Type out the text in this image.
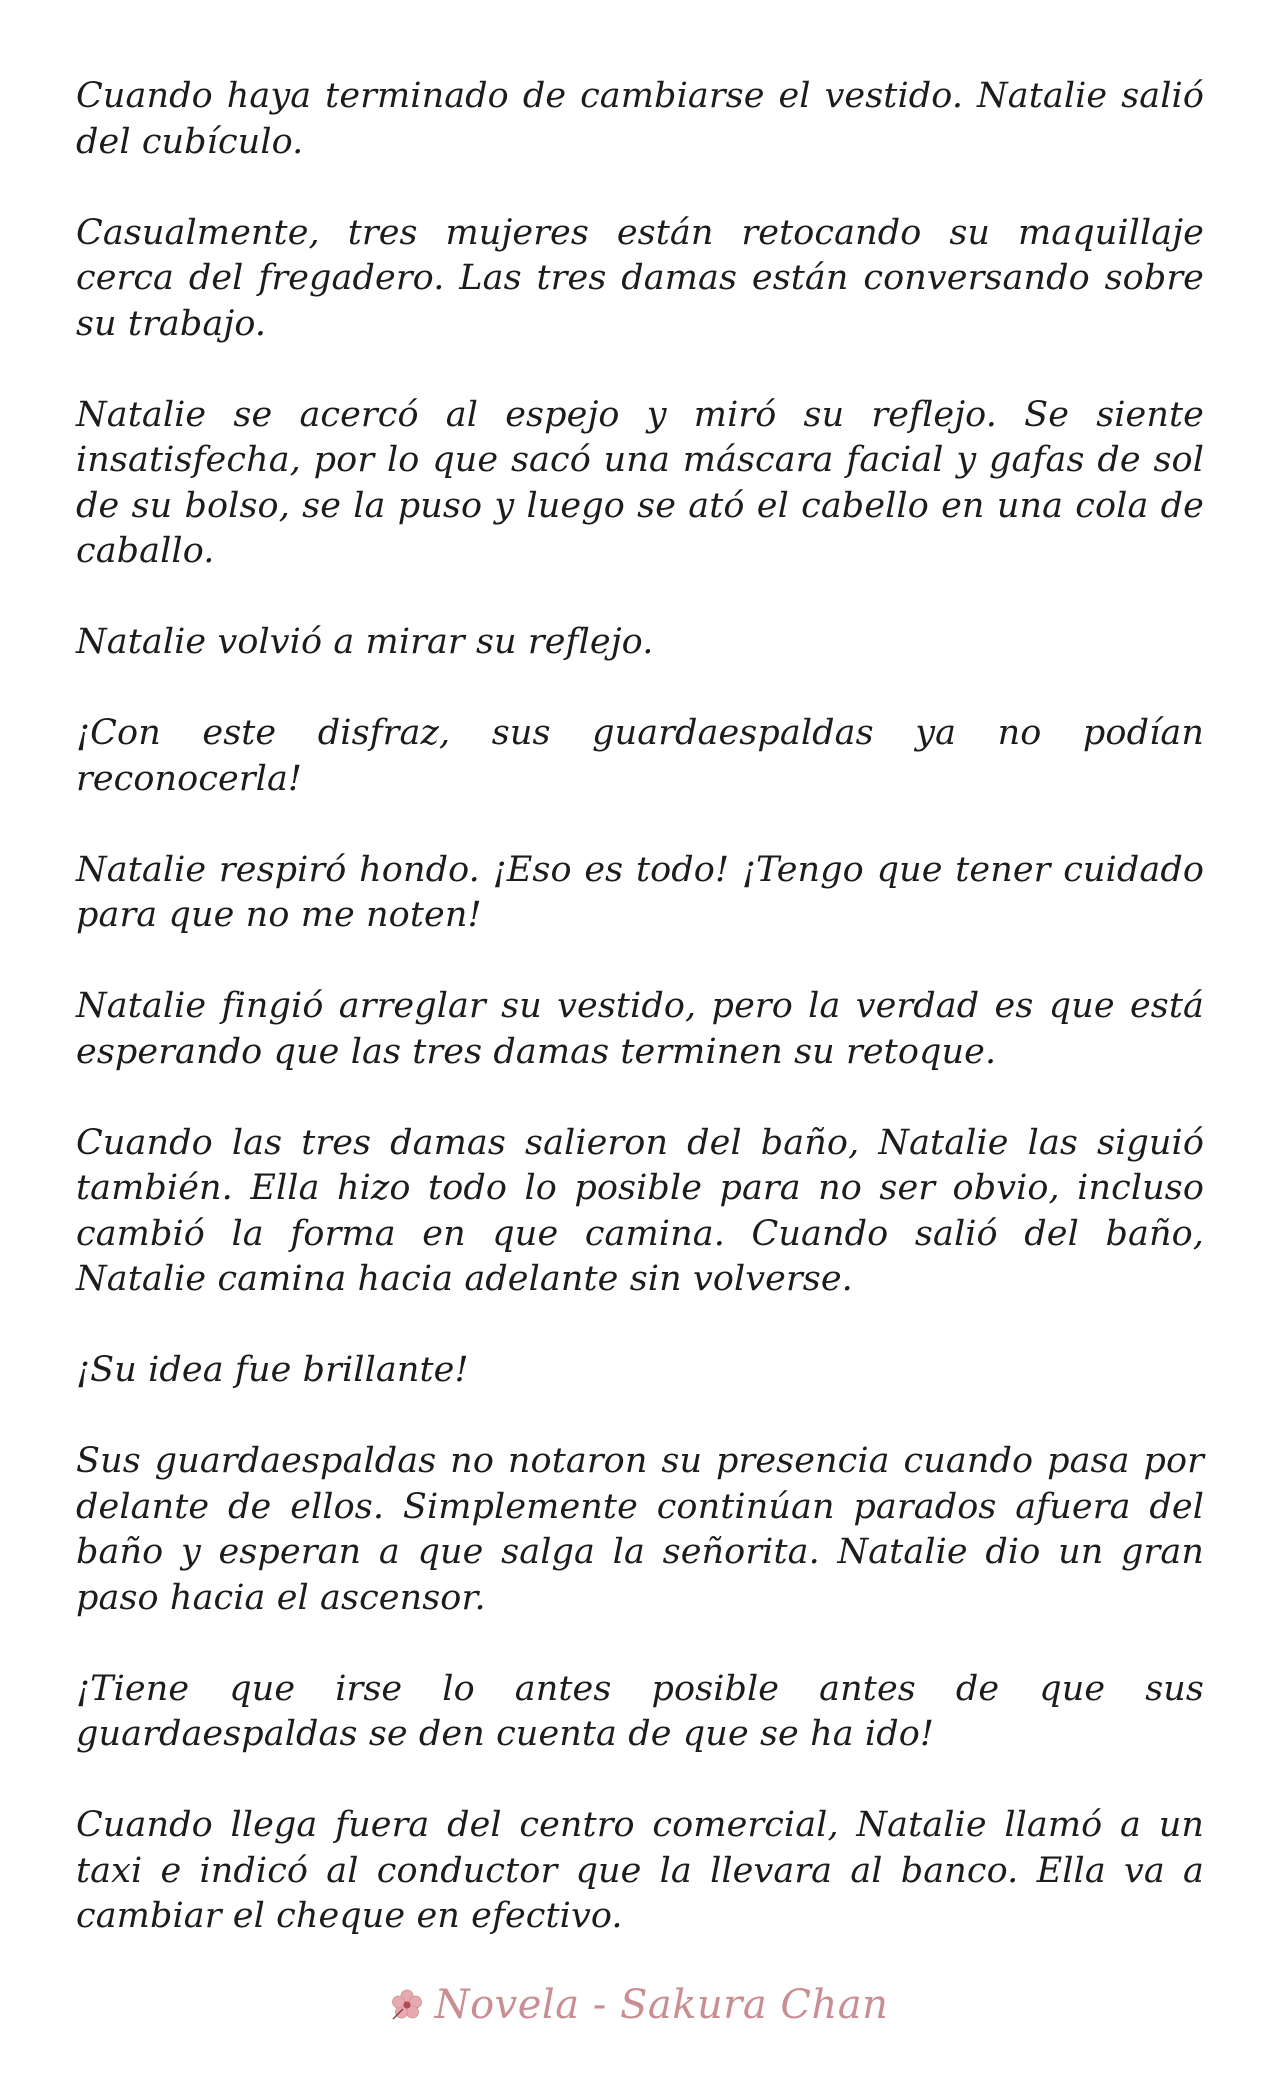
Cuando haya terminado de cambiarse el vestido. Natalie salió del cubículo.

Casualmente, tres mujeres están retocando su maquillaje cerca del fregadero. Las tres damas están conversando sobre su trabajo.

Natalie se acercó al espejo y miró su reflejo. Se siente insatisfecha, por lo que sacó una máscara facial y gafas de sol de su bolso, se la puso y luego se ató el cabello en una cola de caballo.

Natalie volvió a mirar su reflejo.

¡Con este disfraz, sus guardaespaldas ya no podían reconocerla!

Natalie respiró hondo. ¡Eso es todo! ¡Tengo que tener cuidado para que no me noten!

Natalie fingió arreglar su vestido, pero la verdad es que está esperando que las tres damas terminen su retoque.

Cuando las tres damas salieron del baño, Natalie las siguió también. Ella hizo todo lo posible para no ser obvio, incluso cambió la forma en que camina. Cuando salió del baño, Natalie camina hacia adelante sin volverse.

¡Su idea fue brillante!

Sus guardaespaldas no notaron su presencia cuando pasa por delante de ellos. Simplemente continúan parados afuera del baño y esperan a que salga la señorita. Natalie dio un gran paso hacia el ascensor.

¡Tiene que irse lo antes posible antes de que sus guardaespaldas se den cuenta de que se ha ido!

Cuando llega fuera del centro comercial, Natalie llamó a un taxi e indicó al conductor que la llevara al banco. Ella va a cambiar el cheque en efectivo.

Novela - Sakura Chan
